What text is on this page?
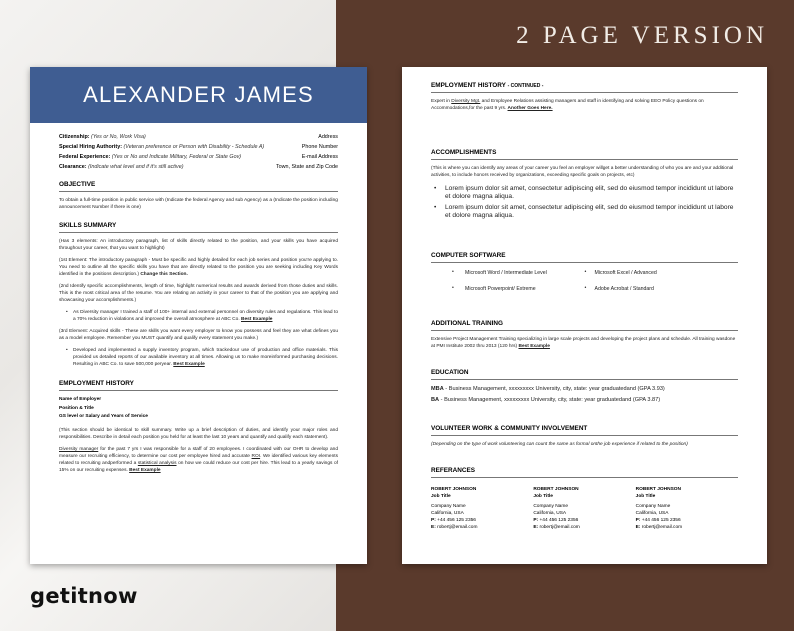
2 PAGE VERSION
getitnow
ALEXANDER JAMES
Citizenship: (Yes or No, Work Visa)	Address
Special Hiring Authority: (Veteran preference or Person with Disability - Schedule A)	Phone Number
Federal Experience: (Yes or No and Indicate Military, Federal or State Gov)	E-mail Address
Clearance: (Indicate what level and if it's still active)	Town, State and Zip Code
OBJECTIVE
To obtain a full-time position in public service with (Indicate the federal Agency and sub Agency) as a (Indicate the position including announcement Number if there is one)
SKILLS SUMMARY
(Has 3 elements: An introductory paragraph, list of skills directly related to the position, and your skills you have acquired throughout your career, that you want to highlight)
(1st Element: The introductory paragraph - Must be specific and highly detailed for each job series and position you're applying to. You need to outline all the specific skills you have that are directly related to the position you are seeking including Key Words identified in the positions description.) Change this Section.
(2nd Identify specific accomplishments, length of time, highlight numerical results and awards derived from those duties and skills. This is the most critical area of the resume. You are relating an activity in your career to that of the position you are applying and showcasing your accomplishments.)
• As Diversity manager I trained a staff of 100+ internal and external personnel on diversity rules and regulations. This lead to a 70% reduction in violations and improved the overall atmosphere at ABC Co. Best Example
(3rd Element: Acquired skills - These are skills you want every employer to know you possess and feel they are what defines you as a model employee. Remember you MUST quantify and qualify every statement you make.)
• Developed and implemented a supply inventory program, which trackedour use of production and office materials. This provided us detailed reports of our available inventory at all times. Allowing us to make moreinformed purchasing decisions. Resulting in ABC Co. to save 500,000 peryear. Best Example
EMPLOYMENT HISTORY
Name of Employer
Position & Title
GS level or Salary and Years of Service
(This section should be identical to skill summary. Write up a brief description of duties, and identify your major roles and responsibilities. Describe in detail each position you held for at least the last 10 years and quantify and qualify each statement).
Diversity manager for the past 7 yrs I was responsible for a staff of 20 employees. I coordinated with our OHR to develop and measure our recruiting efficiency, to determine our cost per employee hired and accurate ROI. We identified various key elements related to recruiting andperformed a statistical analysis on how we could reduce our cost per hire. This lead to a yearly savings of 15% on our recruiting expenses. Best Example
EMPLOYMENT HISTORY - CONTINUED -
Expert in Diversity Mgt. and Employee Relations assisting managers and staff in identifying and solving EEO Policy questions on Accommodations,for the past 9 yrs. Another Goes Here.
ACCOMPLISHMENTS
(This is where you can identify any areas of your career you feel an employer willget a better understanding of who you are and your additional activities, to include honors received by organizations, exceeding specific goals on projects, etc)
• Lorem ipsum dolor sit amet, consectetur adipiscing elit, sed do eiusmod tempor incididunt ut labore et dolore magna aliqua.
• Lorem ipsum dolor sit amet, consectetur adipiscing elit, sed do eiusmod tempor incididunt ut labore et dolore magna aliqua.
COMPUTER SOFTWARE
• Microsoft Word / Intermediate Level	• Microsoft Excel / Advanced
• Microsoft Powerpoint/ Extreme	• Adobe Acrobat / Standard
ADDITIONAL TRAINING
Extensive Project Management Training specializing in large scale projects and developing the project plans and schedule. All training wasdone at PMI Institute 2002 thru 2013 (120 hrs) Best Example
EDUCATION
MBA - Business Management, xxxxxxxxx University, city, state: year graduatedand (GPA 3.93)
BA - Business Management, xxxxxxxxx University, city, state: year graduatedand (GPA 3.87)
VOLUNTEER WORK & COMMUNITY INVOLVEMENT
(Depending on the type of work volunteering can count the same as formal onthe job experience if related to the position)
REFERANCES
ROBERT JOHNSON
Job Title
Company Name
California, USA
P: +44 456 125 2356
E: robertj@email.com
ROBERT JOHNSON
Job Title
Company Name
California, USA
P: +44 456 125 2356
E: robertj@email.com
ROBERT JOHNSON
Job Title
Company Name
California, USA
P: +44 456 125 2356
E: robertj@email.com
